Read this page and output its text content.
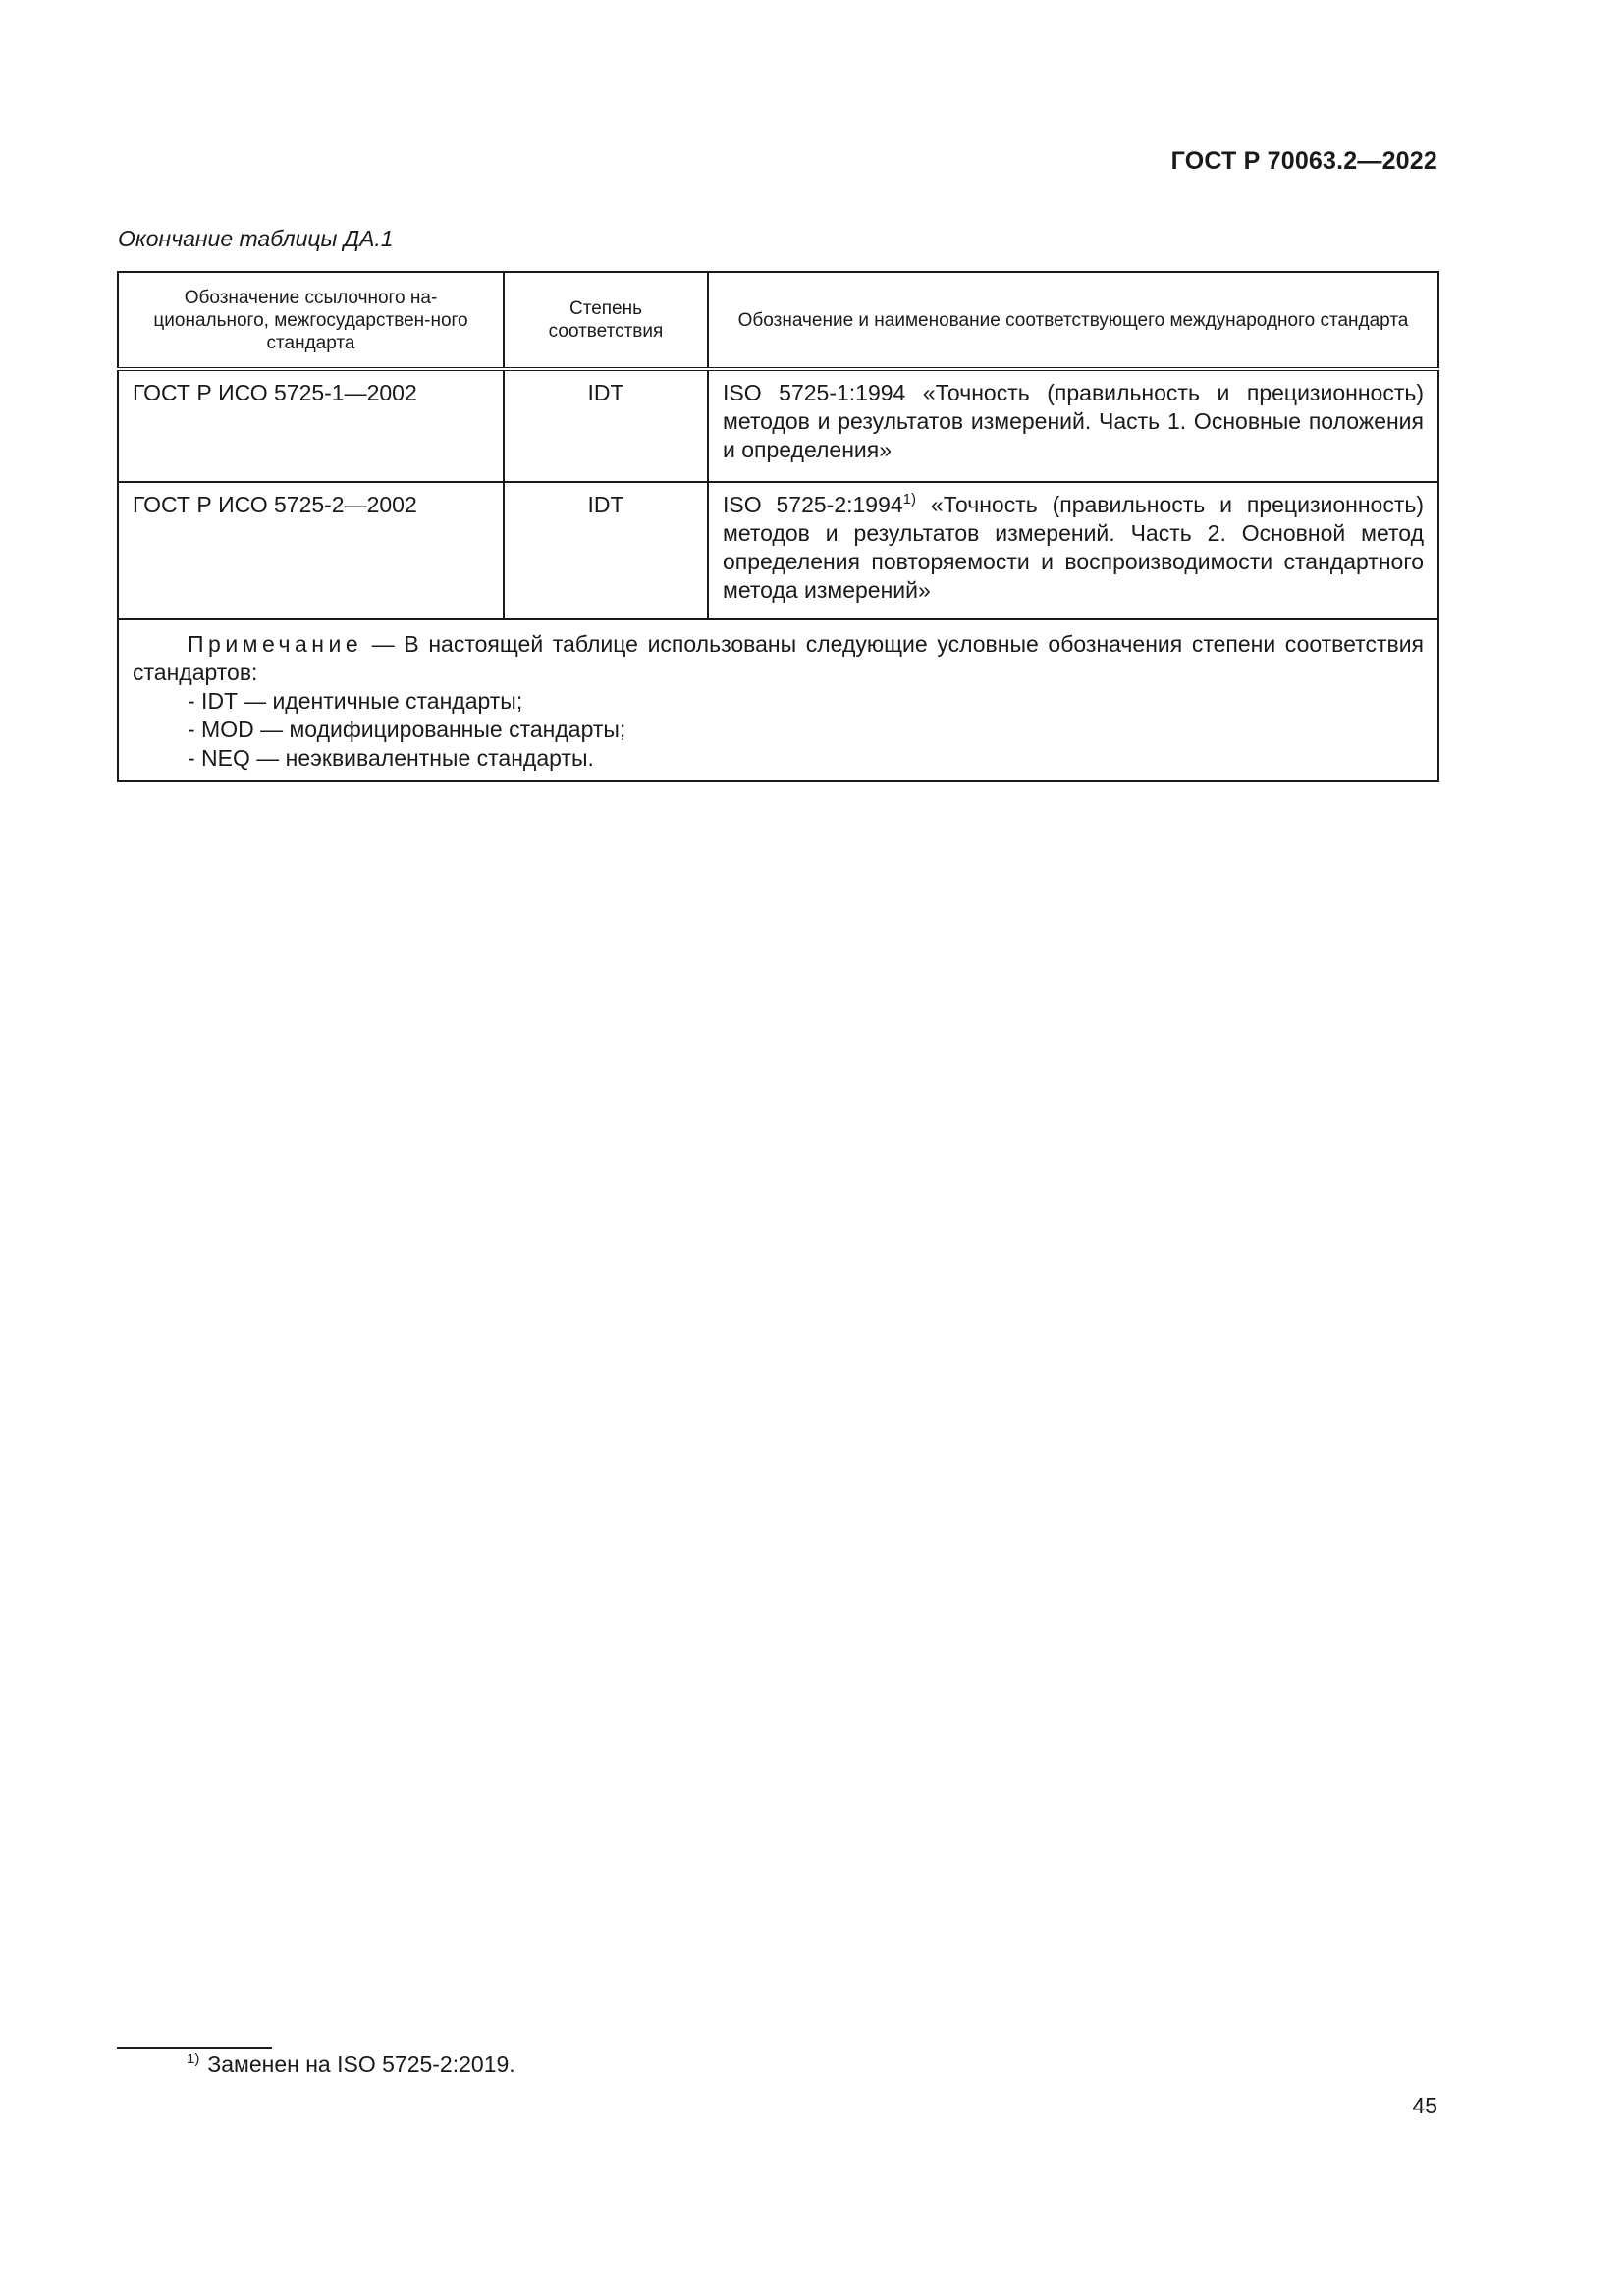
ГОСТ Р 70063.2—2022
Окончание таблицы ДА.1
Обозначение ссылочного на-ционального, межгосударствен-ного стандарта	Степень соответствия	Обозначение и наименование соответствующего международного стандарта
ГОСТ Р ИСО 5725-1—2002	IDT	ISO 5725-1:1994 «Точность (правильность и прецизионность) методов и результатов измерений. Часть 1. Основные положения и определения»
ГОСТ Р ИСО 5725-2—2002	IDT	ISO 5725-2:1994$^{1)}$ «Точность (правильность и прецизионность) методов и результатов измерений. Часть 2. Основной метод определения повторяемости и воспроизводимости стандартного метода измерений»

Примечание — В настоящей таблице использованы следующие условные обозначения степени соответствия стандартов:

- IDT — идентичные стандарты;

- MOD — модифицированные стандарты;

- NEQ — неэквивалентные стандарты.		

$^{1)}$ Заменен на ISO 5725-2:2019.
45
